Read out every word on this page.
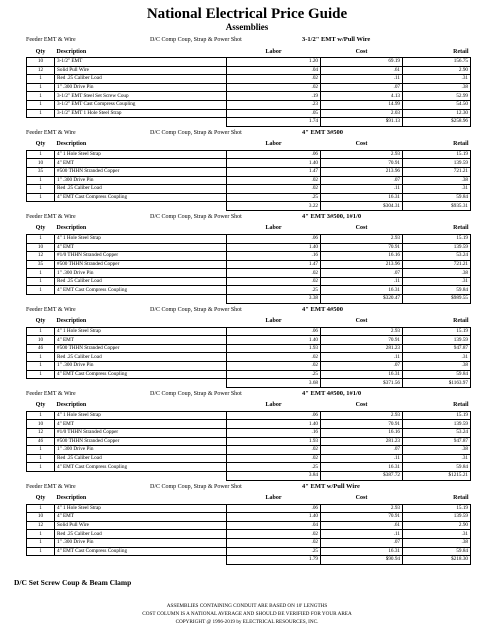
National Electrical Price Guide
Assemblies
Feeder EMT & Wire	D/C Comp Coup, Strap & Power Shot	3-1/2" EMT w/Pull Wire
Qty	Description	Labor	Cost	Retail
10	3-1/2" EMT	1.20	69.19	156.75
12	Solid Pull Wire	.04	.61	2.90
1	Red .25 Caliber Load	.02	.11	.31
1	1" .300 Drive Pin	.02	.07	.38
1	3-1/2" EMT Steel Set Screw Coup	.19	4.13	52.99
1	3-1/2" EMT Cast Compress Coupling	.23	14.99	54.50
1	3-1/2" EMT 1 Hole Steel Strap	.05	2.03	12.30
		1.74	$91.13	$258.96
Feeder EMT & Wire	D/C Comp Coup, Strap & Power Shot	4" EMT 3#500
Qty	Description	Labor	Cost	Retail
1	4" 1 Hole Steel Strap	.06	2.93	15.19
10	4" EMT	1.40	70.91	139.59
35	#500 THHN Stranded Copper	1.47	213.96	721.21
1	1" .300 Drive Pin	.02	.07	.38
1	Red .25 Caliber Load	.02	.11	.31
1	4" EMT Cast Compress Coupling	.25	16.31	59.84
		3.22	$304.31	$935.31
Feeder EMT & Wire	D/C Comp Coup, Strap & Power Shot	4" EMT 3#500, 1#1/0
Qty	Description	Labor	Cost	Retail
1	4" 1 Hole Steel Strap	.06	2.93	15.19
10	4" EMT	1.40	70.91	139.59
12	#1/0 THHN Stranded Copper	.16	16.16	53.24
35	#500 THHN Stranded Copper	1.47	213.96	721.21
1	1" .300 Drive Pin	.02	.07	.38
1	Red .25 Caliber Load	.02	.11	.31
1	4" EMT Cast Compress Coupling	.25	16.31	59.84
		3.38	$320.47	$989.55
Feeder EMT & Wire	D/C Comp Coup, Strap & Power Shot	4" EMT 4#500
Qty	Description	Labor	Cost	Retail
1	4" 1 Hole Steel Strap	.06	2.93	15.19
10	4" EMT	1.40	70.91	139.59
46	#500 THHN Stranded Copper	1.93	281.23	947.87
1	Red .25 Caliber Load	.02	.11	.31
1	1" .300 Drive Pin	.02	.07	.38
1	4" EMT Cast Compress Coupling	.25	16.31	59.84
		3.68	$371.56	$1163.97
Feeder EMT & Wire	D/C Comp Coup, Strap & Power Shot	4" EMT 4#500, 1#1/0
Qty	Description	Labor	Cost	Retail
1	4" 1 Hole Steel Strap	.06	2.93	15.19
10	4" EMT	1.40	70.91	139.59
12	#1/0 THHN Stranded Copper	.16	16.16	53.24
46	#500 THHN Stranded Copper	1.93	281.23	947.87
1	1" .300 Drive Pin	.02	.07	.38
1	Red .25 Caliber Load	.02	.11	.31
1	4" EMT Cast Compress Coupling	.25	16.31	59.84
		3.84	$387.72	$1215.21
Feeder EMT & Wire	D/C Comp Coup, Strap & Power Shot	4" EMT w/Pull Wire
Qty	Description	Labor	Cost	Retail
1	4" 1 Hole Steel Strap	.06	2.93	15.19
10	4" EMT	1.40	70.91	139.59
12	Solid Pull Wire	.04	.61	2.90
1	Red .25 Caliber Load	.02	.11	.31
1	1" .300 Drive Pin	.02	.07	.38
1	4" EMT Cast Compress Coupling	.25	16.31	59.84
		1.79	$90.94	$218.30
D/C Set Screw Coup & Beam Clamp
ASSEMBLIES CONTAINING CONDUIT ARE BASED ON 10' LENGTHS
COST COLUMN IS A NATIONAL AVERAGE AND SHOULD BE VERIFIED FOR YOUR AREA
COPYRIGHT @ 1996-2019 by ELECTRICAL RESOURCES, INC.
